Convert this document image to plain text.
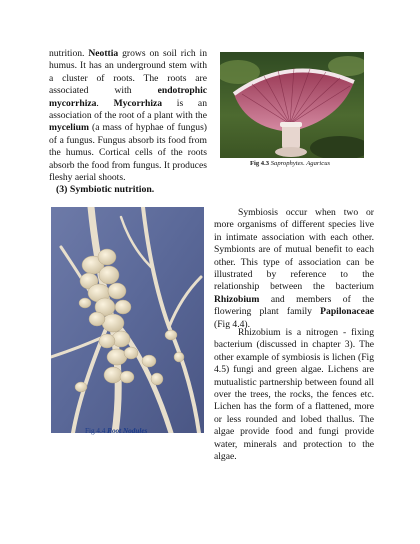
nutrition. Neottia grows on soil rich in humus. It has an underground stem with a cluster of roots. The roots are associated with endotrophic mycorrhiza. Mycorrhiza is an association of the root of a plant with the mycelium (a mass of hyphae of fungus) of a fungus. Fungus absorb its food from the humus. Cortical cells of the roots absorb the food from fungus. It produces fleshy aerial shoots.

Fig 4.3 Saprophytes. Agaricus

(3) Symbiotic nutrition.

Fig 4.4 Root Nodules

Symbiosis occur when two or more organisms of different species live in intimate association with each other. Symbionts are of mutual benefit to each other. This type of association can be illustrated by reference to the relationship between the bacterium Rhizobium and members of the flowering plant family Papilonaceae (Fig 4.4).

Rhizobium is a nitrogen - fixing bacterium (discussed in chapter 3). The other example of symbiosis is lichen (Fig 4.5) fungi and green algae. Lichens are mutualistic partnership between found all over the trees, the rocks, the fences etc. Lichen has the form of a flattened, more or less rounded and lobed thallus. The algae provide food and fungi provide water, minerals and protection to the algae.
